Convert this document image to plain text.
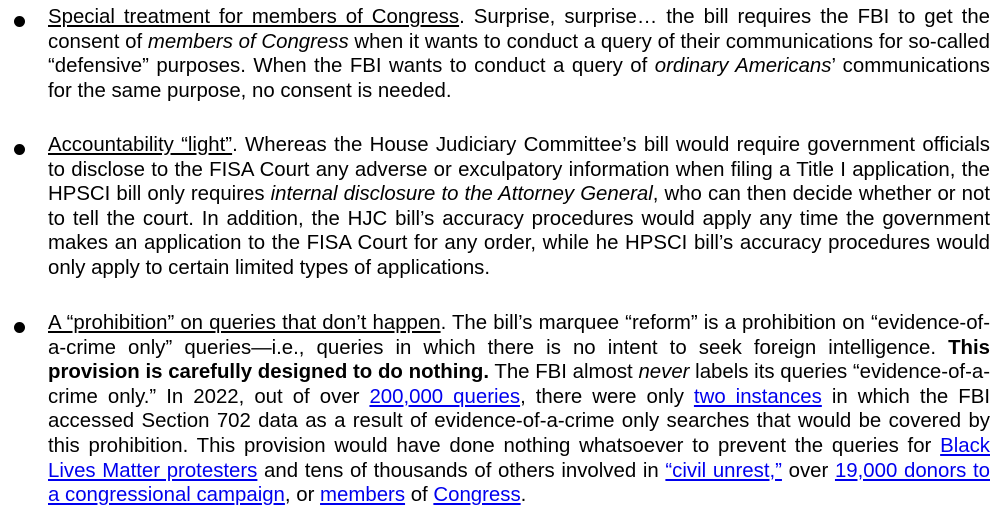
Special treatment for members of Congress. Surprise, surprise… the bill requires the FBI to get the consent of members of Congress when it wants to conduct a query of their communications for so-called “defensive” purposes. When the FBI wants to conduct a query of ordinary Americans’ communications for the same purpose, no consent is needed.
Accountability “light”. Whereas the House Judiciary Committee’s bill would require government officials to disclose to the FISA Court any adverse or exculpatory information when filing a Title I application, the HPSCI bill only requires internal disclosure to the Attorney General, who can then decide whether or not to tell the court. In addition, the HJC bill’s accuracy procedures would apply any time the government makes an application to the FISA Court for any order, while he HPSCI bill’s accuracy procedures would only apply to certain limited types of applications.
A “prohibition” on queries that don’t happen. The bill’s marquee “reform” is a prohibition on “evidence-of-a-crime only” queries—i.e., queries in which there is no intent to seek foreign intelligence. This provision is carefully designed to do nothing. The FBI almost never labels its queries “evidence-of-a-crime only.” In 2022, out of over 200,000 queries, there were only two instances in which the FBI accessed Section 702 data as a result of evidence-of-a-crime only searches that would be covered by this prohibition. This provision would have done nothing whatsoever to prevent the queries for Black Lives Matter protesters and tens of thousands of others involved in “civil unrest,” over 19,000 donors to a congressional campaign, or members of Congress.
